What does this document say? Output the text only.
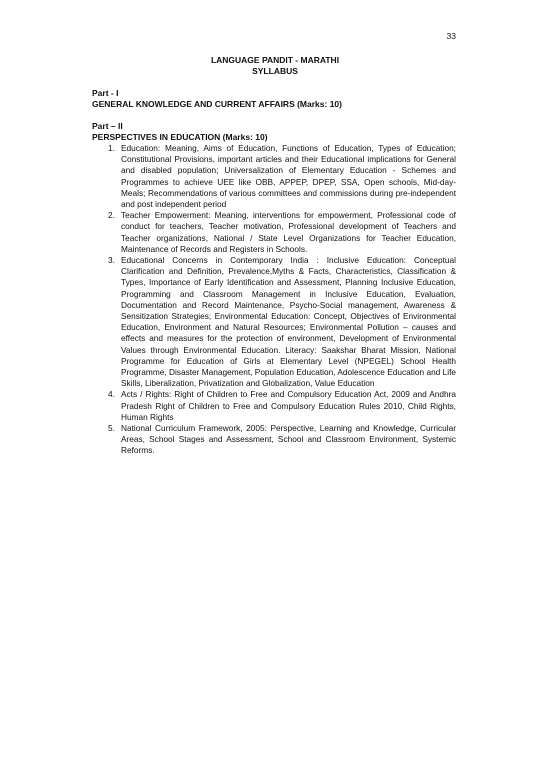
33
LANGUAGE PANDIT - MARATHI
SYLLABUS
Part - I
GENERAL KNOWLEDGE AND CURRENT AFFAIRS (Marks: 10)
Part – II
PERSPECTIVES IN EDUCATION (Marks: 10)
1. Education: Meaning, Aims of Education, Functions of Education, Types of Education; Constitutional Provisions, important articles and their Educational implications for General and disabled population; Universalization of Elementary Education - Schemes and Programmes to achieve UEE like OBB, APPEP, DPEP, SSA, Open schools, Mid-day-Meals; Recommendations of various committees and commissions during pre-independent and post independent period
2. Teacher Empowerment: Meaning, interventions for empowerment, Professional code of conduct for teachers, Teacher motivation, Professional development of Teachers and Teacher organizations, National / State Level Organizations for Teacher Education, Maintenance of Records and Registers in Schools.
3. Educational Concerns in Contemporary India : Inclusive Education: Conceptual Clarification and Definition, Prevalence,Myths & Facts, Characteristics, Classification & Types, Importance of Early Identification and Assessment, Planning Inclusive Education, Programming and Classroom Management in Inclusive Education, Evaluation, Documentation and Record Maintenance, Psycho-Social management, Awareness & Sensitization Strategies; Environmental Education: Concept, Objectives of Environmental Education, Environment and Natural Resources; Environmental Pollution – causes and effects and measures for the protection of environment, Development of Environmental Values through Environmental Education. Literacy: Saakshar Bharat Mission, National Programme for Education of Girls at Elementary Level (NPEGEL) School Health Programme, Disaster Management, Population Education, Adolescence Education and Life Skills, Liberalization, Privatization and Globalization, Value Education
4. Acts / Rights: Right of Children to Free and Compulsory Education Act, 2009 and Andhra Pradesh Right of Children to Free and Compulsory Education Rules 2010, Child Rights, Human Rights
5. National Curriculum Framework, 2005: Perspective, Learning and Knowledge, Curricular Areas, School Stages and Assessment, School and Classroom Environment, Systemic Reforms.
